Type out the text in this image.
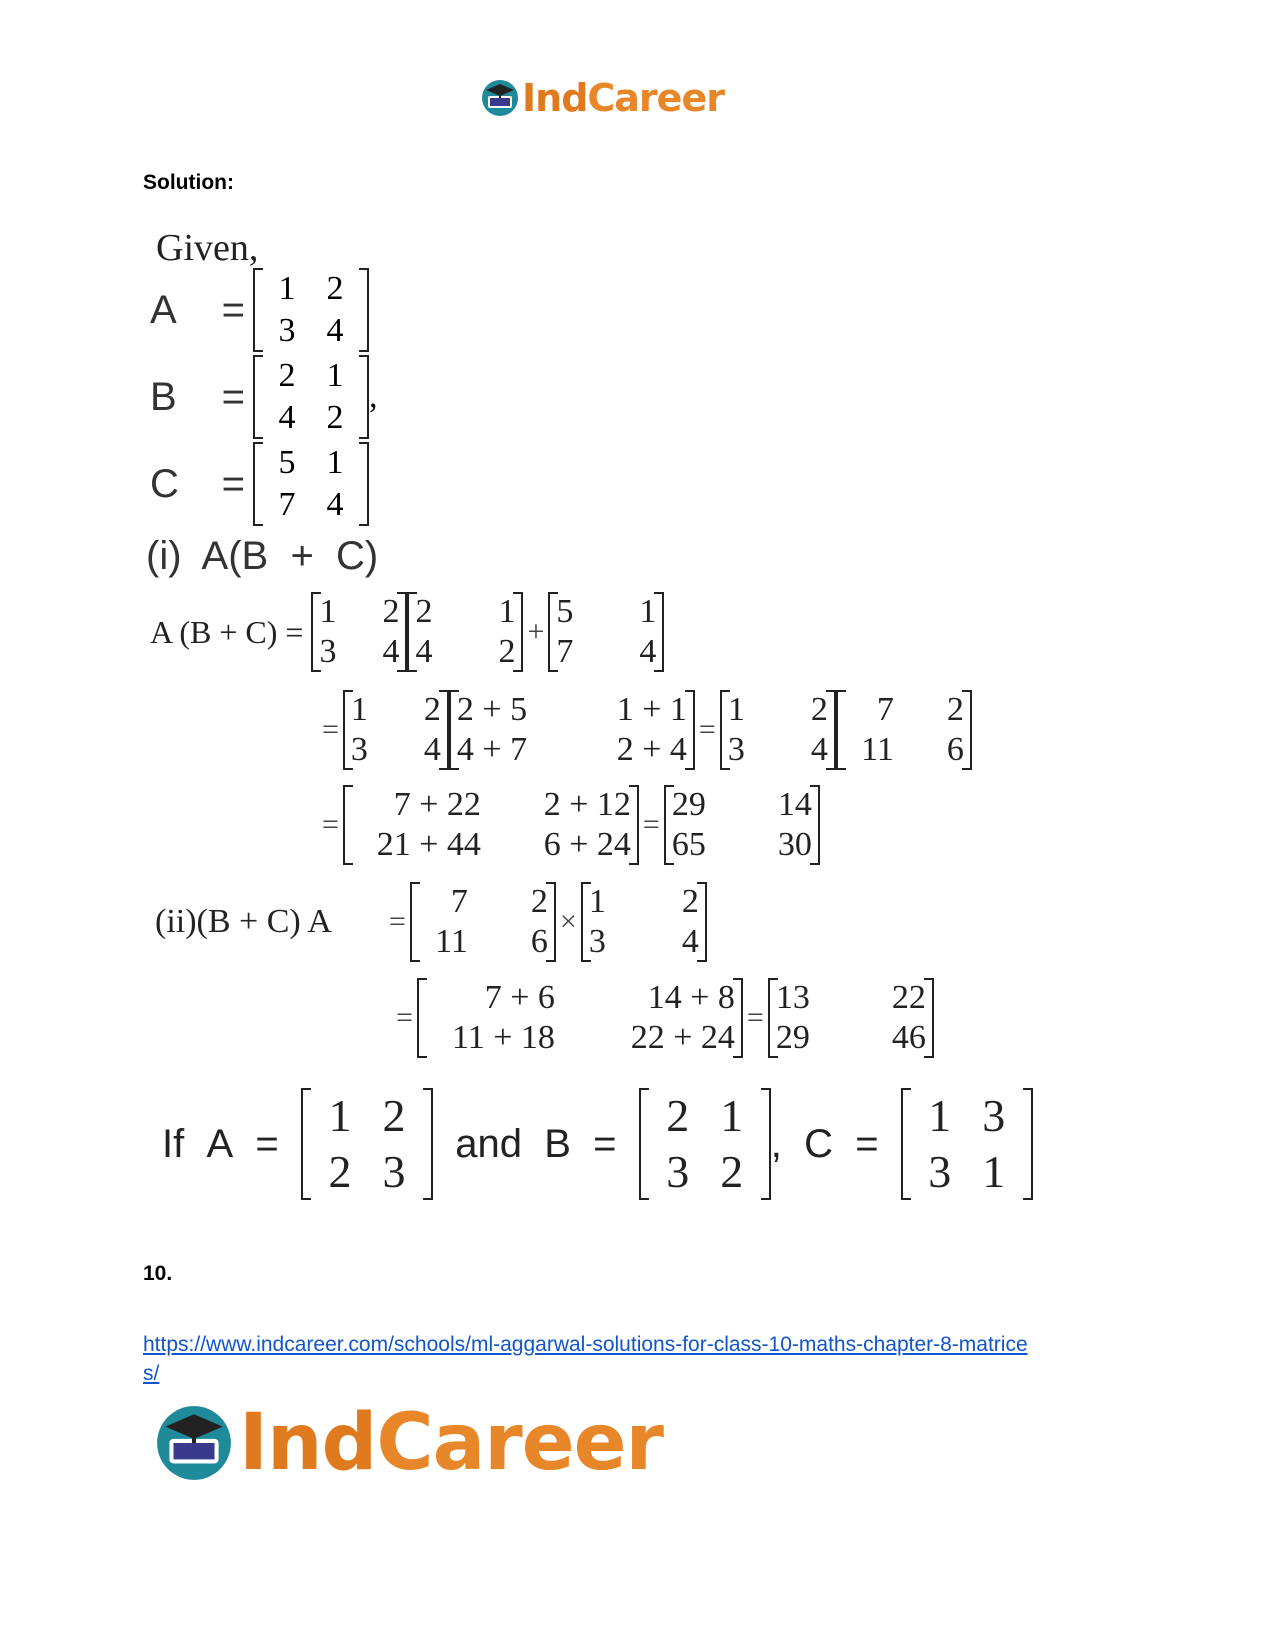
IndCareer
Solution:
Given,
A = 1 2
3 4
B = 2 1
4 2
,
C = 5 1
7 4
(i)  A(B  +  C)
A (B + C) =
1	2
3	4
2	1
4	2
+
5	1
7	4
=
1	2
3	4
2 + 5	1 + 1
4 + 7	2 + 4
=
1	2
3	4
7	2
11	6
=
7 + 22	2 + 12
21 + 44	6 + 24
=
29	14
65	30
(ii)(B + C) A	=
7	2
11	6
×
1	2
3	4
=
7 + 6	14 + 8
11 + 18	22 + 24
=
13	22
29	46
If
A
=

1 2
2 3

and
B
=

2 1
3 2
,
C
=

1 3
3 1
10.
https://www.indcareer.com/schools/ml-aggarwal-solutions-for-class-10-maths-chapter-8-matrice
s/
IndCareer
